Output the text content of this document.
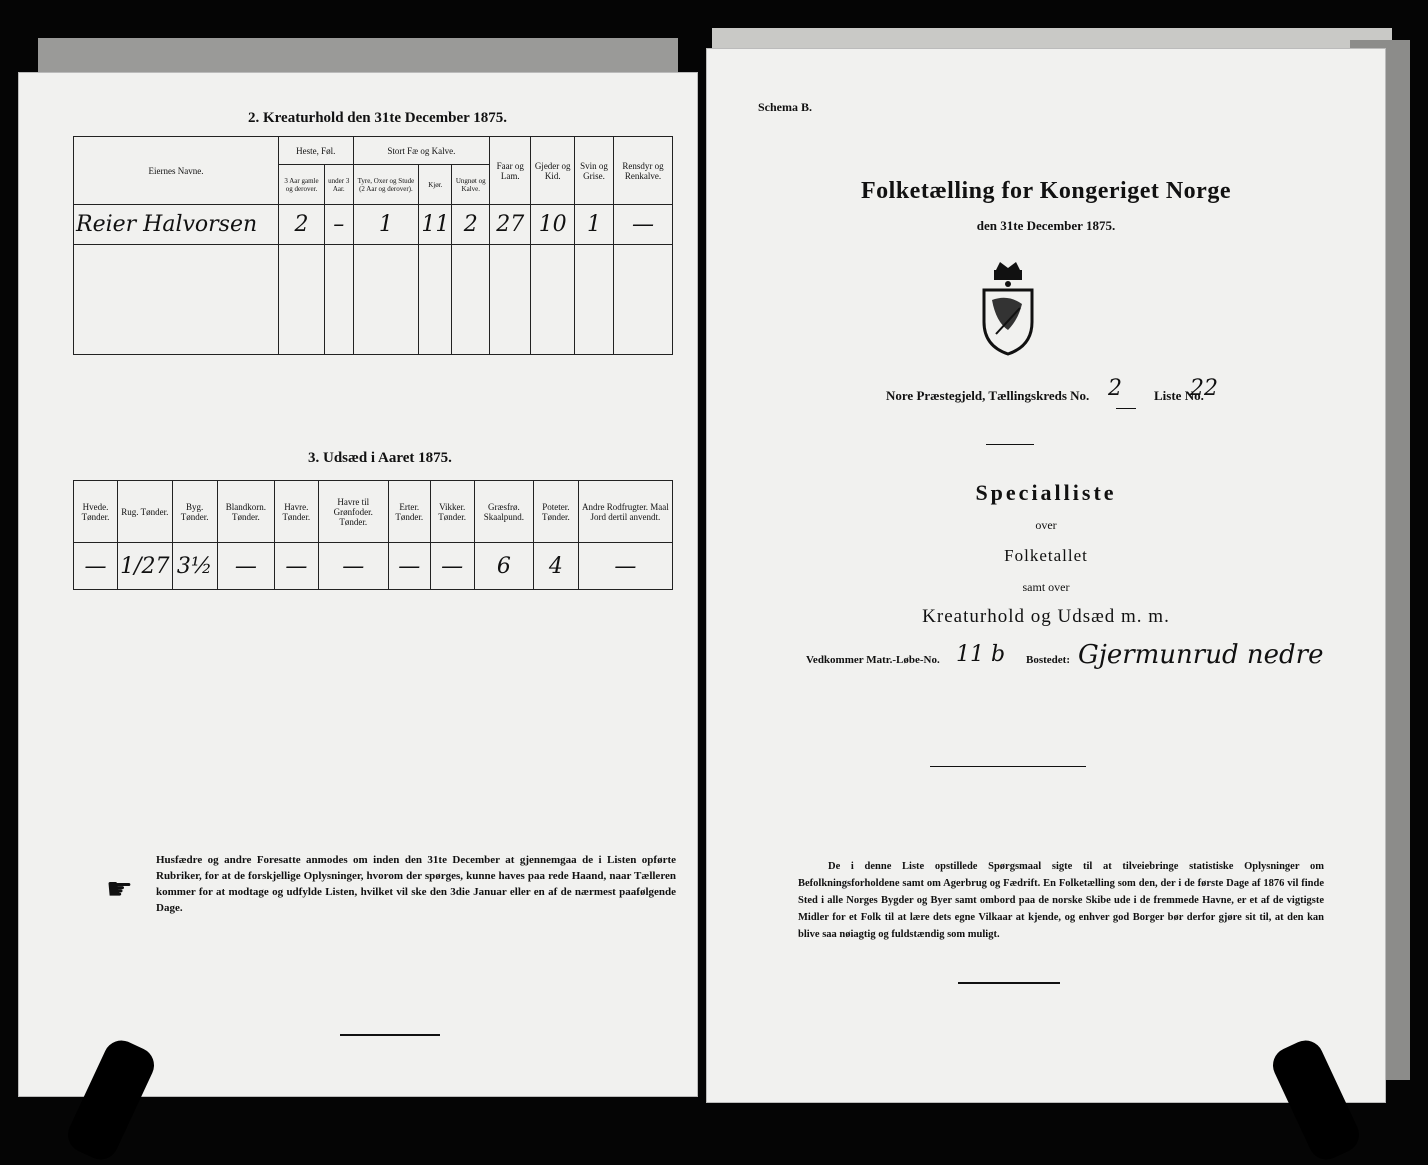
2. Kreaturhold den 31te December 1875.
Eiernes Navne.	Heste, Føl.		Stort Fæ og Kalve.			Faar og Lam.	Gjeder og Kid.	Svin og Grise.	Rensdyr og Renkalve.
	3 Aar gamle og derover.	under 3 Aar.	Tyre, Oxer og Stude (2 Aar og derover).	Kjør.	Ungnøt og Kalve.				
Reier Halvorsen	2	–	1	11	2	27	10	1	—

3. Udsæd i Aaret 1875.
Hvede. Tønder.	Rug. Tønder.	Byg. Tønder.	Blandkorn. Tønder.	Havre. Tønder.	Havre til Grønfoder. Tønder.	Erter. Tønder.	Vikker. Tønder.	Græsfrø. Skaalpund.	Poteter. Tønder.	Andre Rodfrugter. Maal Jord dertil anvendt.
—	1/27	3½	—	—	—	—	—	6	4	—
☛
Husfædre og andre Foresatte anmodes om inden den 31te December at gjennemgaa de i Listen opførte Rubriker, for at de forskjellige Oplysninger, hvorom der spørges, kunne haves paa rede Haand, naar Tælleren kommer for at modtage og udfylde Listen, hvilket vil ske den 3die Januar eller en af de nærmest paafølgende Dage.
Schema B.
Folketælling for Kongeriget Norge
den 31te December 1875.
Nore Præstegjeld, Tællingskreds No. 2 Liste No.
22
Specialliste
over
Folketallet
samt over
Kreaturhold og Udsæd m. m.
Vedkommer Matr.-Løbe-No. 11 b Bostedet: Gjermunrud nedre
De i denne Liste opstillede Spørgsmaal sigte til at tilveiebringe statistiske Oplysninger om Befolkningsforholdene samt om Agerbrug og Fædrift. En Folketælling som den, der i de første Dage af 1876 vil finde Sted i alle Norges Bygder og Byer samt ombord paa de norske Skibe ude i de fremmede Havne, er et af de vigtigste Midler for et Folk til at lære dets egne Vilkaar at kjende, og enhver god Borger bør derfor gjøre sit til, at den kan blive saa nøiagtig og fuldstændig som muligt.
